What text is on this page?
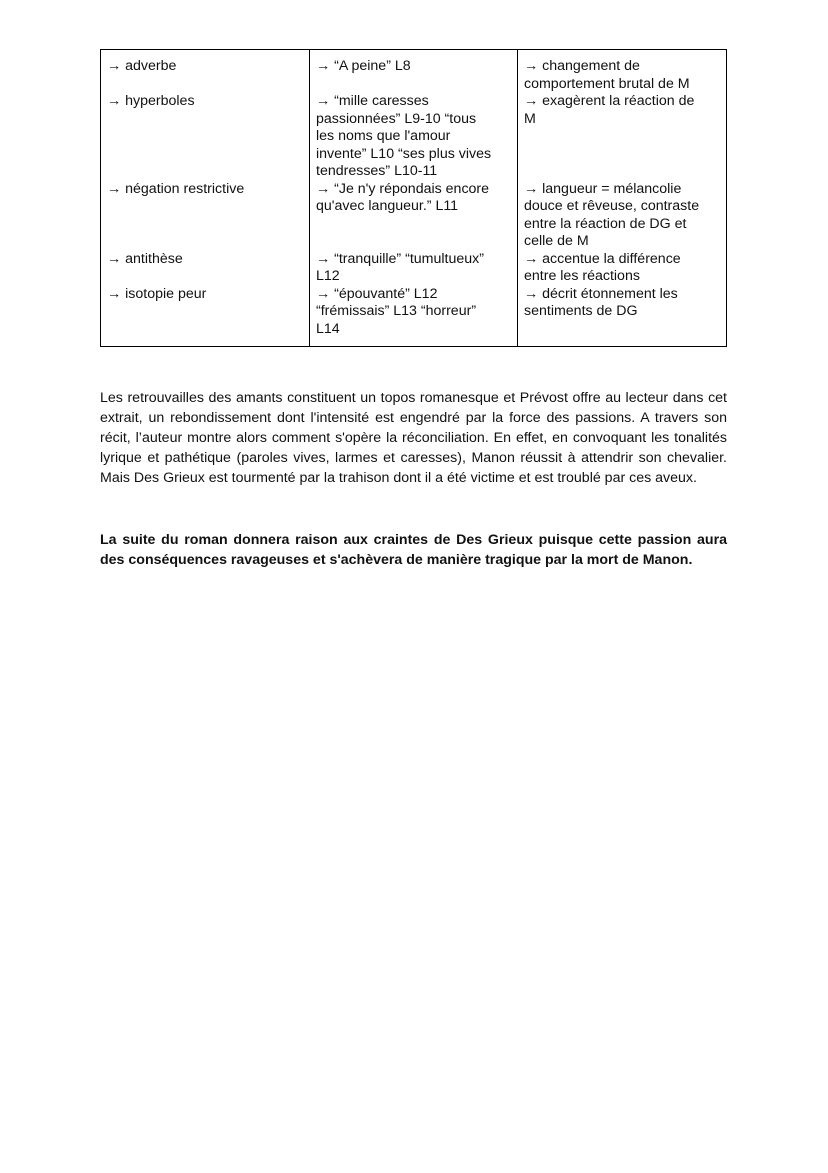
→ adverbe	→ “A peine” L8	→ changement de
comportement brutal de M
→ hyperboles	→ “mille caresses
passionnées” L9-10 “tous
les noms que l'amour
invente” L10 “ses plus vives
tendresses” L10-11	→ exagèrent la réaction de
M
→ négation restrictive	→ “Je n'y répondais encore
qu'avec langueur.” L11	→ langueur = mélancolie
douce et rêveuse, contraste
entre la réaction de DG et
celle de M
→ antithèse	→ “tranquille” “tumultueux”
L12	→ accentue la différence
entre les réactions
→ isotopie peur	→ “épouvanté” L12
“frémissais” L13 “horreur”
L14	→ décrit étonnement les
sentiments de DG

Les retrouvailles des amants constituent un topos romanesque et Prévost offre au lecteur dans cet extrait, un rebondissement dont l'intensité est engendré par la force des passions. A travers son récit, l’auteur montre alors comment s'opère la réconciliation. En effet, en convoquant les tonalités lyrique et pathétique (paroles vives, larmes et caresses), Manon réussit à attendrir son chevalier. Mais Des Grieux est tourmenté par la trahison dont il a été victime et est troublé par ces aveux.

La suite du roman donnera raison aux craintes de Des Grieux puisque cette passion aura des conséquences ravageuses et s'achèvera de manière tragique par la mort de Manon.
